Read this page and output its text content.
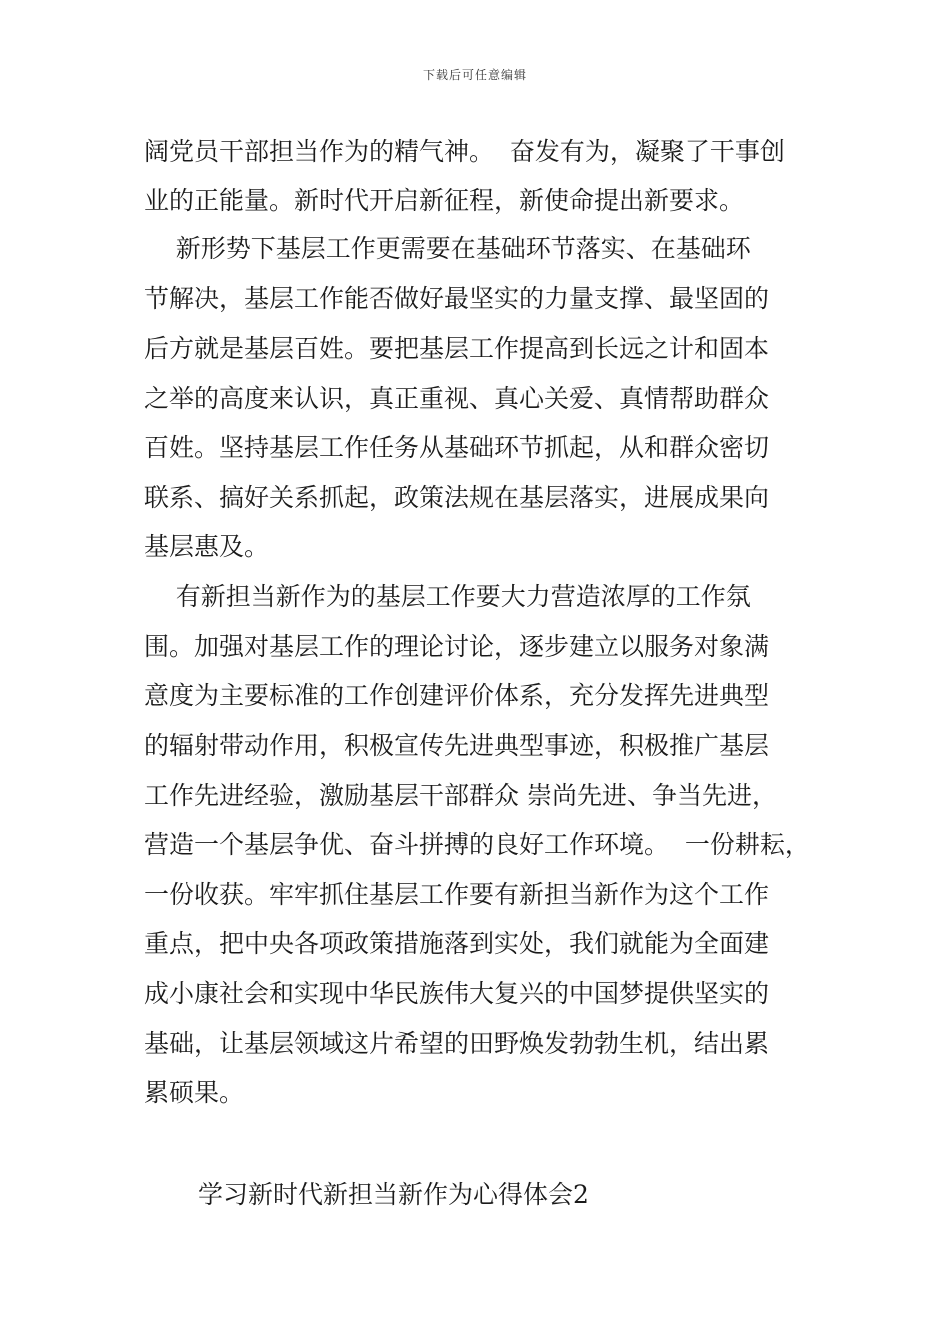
下载后可任意编辑
阔党员干部担当作为的精气神。  奋发有为，凝聚了干事创
业的正能量。新时代开启新征程，新使命提出新要求。
新形势下基层工作更需要在基础环节落实、在基础环
节解决，基层工作能否做好最坚实的力量支撑、最坚固的
后方就是基层百姓。要把基层工作提高到长远之计和固本
之举的高度来认识，真正重视、真心关爱、真情帮助群众
百姓。坚持基层工作任务从基础环节抓起，从和群众密切
联系、搞好关系抓起，政策法规在基层落实，进展成果向
基层惠及。
有新担当新作为的基层工作要大力营造浓厚的工作氛
围。加强对基层工作的理论讨论，逐步建立以服务对象满
意度为主要标准的工作创建评价体系，充分发挥先进典型
的辐射带动作用，积极宣传先进典型事迹，积极推广基层
工作先进经验，激励基层干部群众 崇尚先进、争当先进，
营造一个基层争优、奋斗拼搏的良好工作环境。  一份耕耘，
一份收获。牢牢抓住基层工作要有新担当新作为这个工作
重点，把中央各项政策措施落到实处，我们就能为全面建
成小康社会和实现中华民族伟大复兴的中国梦提供坚实的
基础，让基层领域这片希望的田野焕发勃勃生机，结出累
累硕果。
学习新时代新担当新作为心得体会2
